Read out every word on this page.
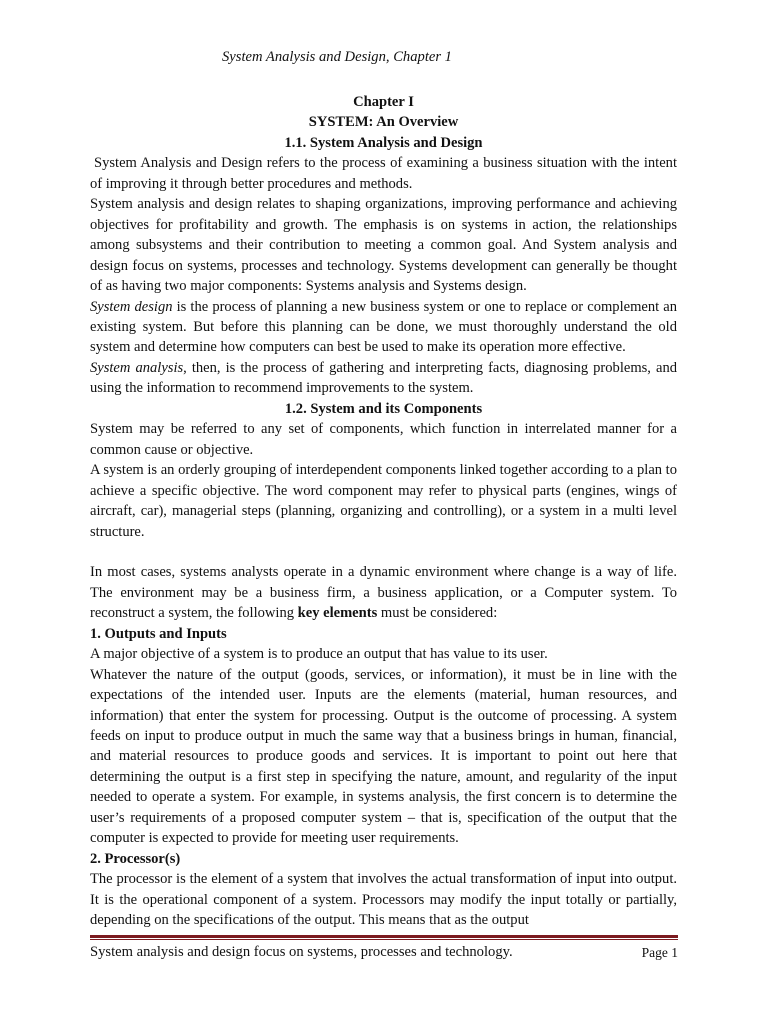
System Analysis and Design, Chapter 1

Chapter I

SYSTEM: An Overview

1.1. System Analysis and Design

System Analysis and Design refers to the process of examining a business situation with the intent of improving it through better procedures and methods.

System analysis and design relates to shaping organizations, improving performance and achieving objectives for profitability and growth. The emphasis is on systems in action, the relationships among subsystems and their contribution to meeting a common goal. And System analysis and design focus on systems, processes and technology. Systems development can generally be thought of as having two major components: Systems analysis and Systems design.

System design is the process of planning a new business system or one to replace or complement an existing system. But before this planning can be done, we must thoroughly understand the old system and determine how computers can best be used to make its operation more effective.

System analysis, then, is the process of gathering and interpreting facts, diagnosing problems, and using the information to recommend improvements to the system.

1.2. System and its Components

System may be referred to any set of components, which function in interrelated manner for a common cause or objective.

A system is an orderly grouping of interdependent components linked together according to a plan to achieve a specific objective. The word component may refer to physical parts (engines, wings of aircraft, car), managerial steps (planning, organizing and controlling), or a system in a multi level structure.

In most cases, systems analysts operate in a dynamic environment where change is a way of life. The environment may be a business firm, a business application, or a Computer system. To reconstruct a system, the following key elements must be considered:

1. Outputs and Inputs

A major objective of a system is to produce an output that has value to its user.

Whatever the nature of the output (goods, services, or information), it must be in line with the expectations of the intended user. Inputs are the elements (material, human resources, and information) that enter the system for processing. Output is the outcome of processing. A system feeds on input to produce output in much the same way that a business brings in human, financial, and material resources to produce goods and services. It is important to point out here that determining the output is a first step in specifying the nature, amount, and regularity of the input needed to operate a system. For example, in systems analysis, the first concern is to determine the user’s requirements of a proposed computer system – that is, specification of the output that the computer is expected to provide for meeting user requirements.

2. Processor(s)

The processor is the element of a system that involves the actual transformation of input into output. It is the operational component of a system. Processors may modify the input totally or partially, depending on the specifications of the output. This means that as the output

System analysis and design focus on systems, processes and technology.	Page 1
